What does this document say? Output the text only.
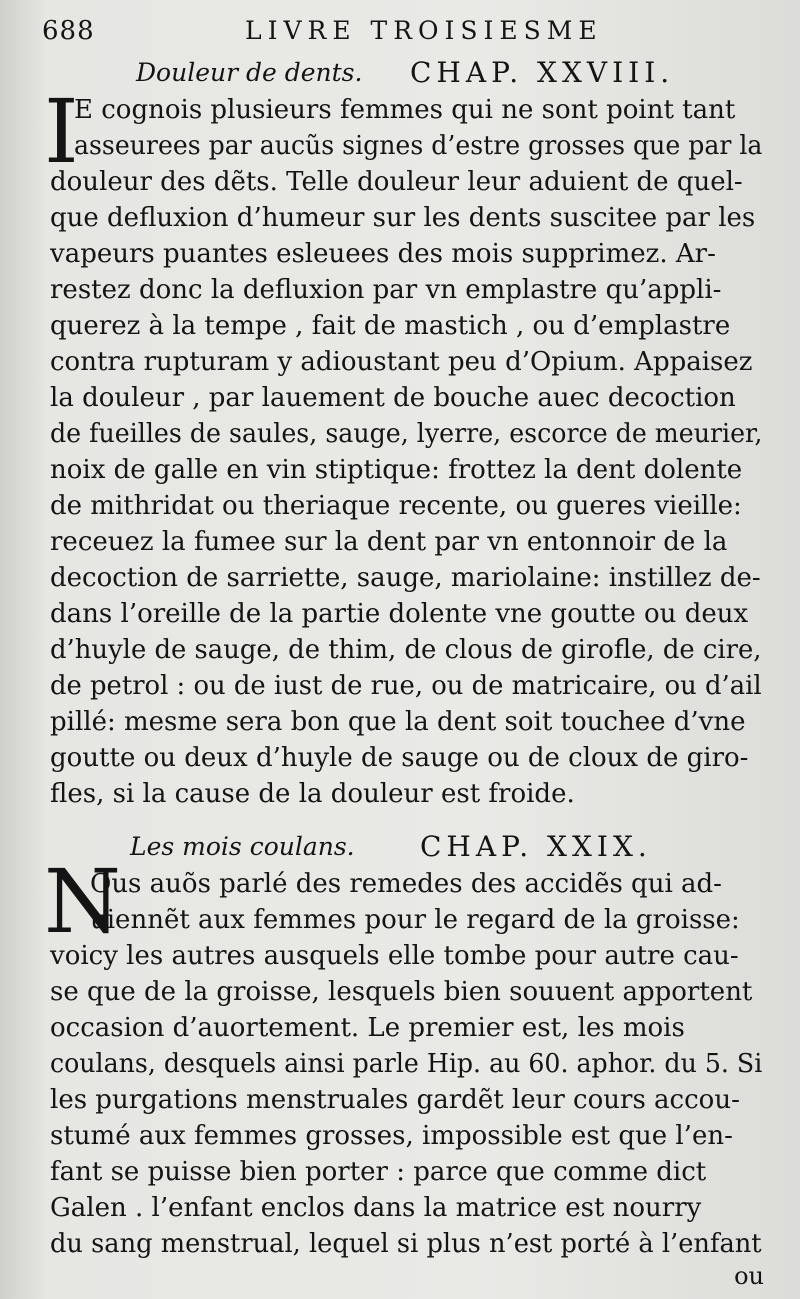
688	LIVRE TROISIESME
Douleur de dents. CHAP. XXVIII.
I
E cognois plusieurs femmes qui ne sont point tant
asseurees par aucũs signes d’estre grosses que par la
douleur des dẽts. Telle douleur leur aduient de quel-
que defluxion d’humeur sur les dents suscitee par les
vapeurs puantes esleuees des mois supprimez. Ar-
restez donc la defluxion par vn emplastre qu’appli-
querez à la tempe , fait de mastich , ou d’emplastre
contra rupturam y adioustant peu d’Opium. Appaisez
la douleur , par lauement de bouche auec decoction
de fueilles de saules, sauge, lyerre, escorce de meurier,
noix de galle en vin stiptique: frottez la dent dolente
de mithridat ou theriaque recente, ou gueres vieille:
receuez la fumee sur la dent par vn entonnoir de la
decoction de sarriette, sauge, mariolaine: instillez de-
dans l’oreille de la partie dolente vne goutte ou deux
d’huyle de sauge, de thim, de clous de girofle, de cire,
de petrol : ou de iust de rue, ou de matricaire, ou d’ail
pillé: mesme sera bon que la dent soit touchee d’vne
goutte ou deux d’huyle de sauge ou de cloux de giro-
fles, si la cause de la douleur est froide.
Les mois coulans. CHAP. XXIX.
N
Ous auõs parlé des remedes des accidẽs qui ad-
uiennẽt aux femmes pour le regard de la groisse:
voicy les autres ausquels elle tombe pour autre cau-
se que de la groisse, lesquels bien souuent apportent
occasion d’auortement. Le premier est, les mois
coulans, desquels ainsi parle Hip. au 60. aphor. du 5. Si
les purgations menstruales gardẽt leur cours accou-
stumé aux femmes grosses, impossible est que l’en-
fant se puisse bien porter : parce que comme dict
Galen . l’enfant enclos dans la matrice est nourry
du sang menstrual, lequel si plus n’est porté à l’enfant
ou
